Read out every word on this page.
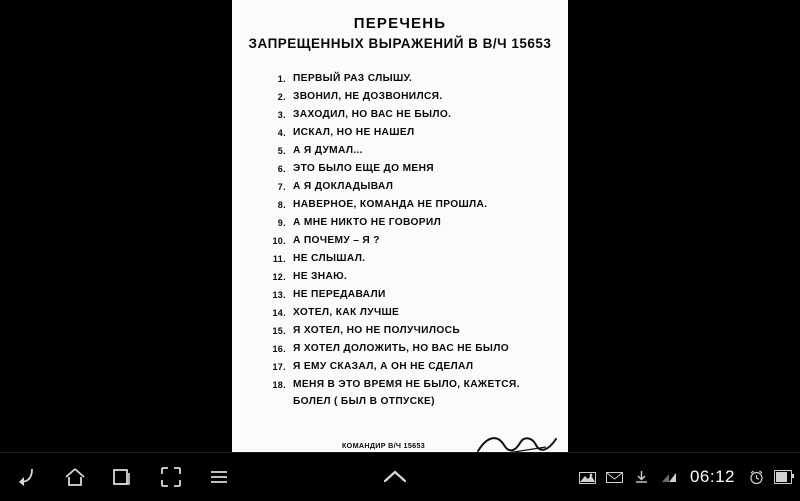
ПЕРЕЧЕНЬ
ЗАПРЕЩЕННЫХ ВЫРАЖЕНИЙ В В/Ч 15653
1. ПЕРВЫЙ РАЗ СЛЫШУ.
2. ЗВОНИЛ, НЕ ДОЗВОНИЛСЯ.
3. ЗАХОДИЛ, НО ВАС НЕ БЫЛО.
4. ИСКАЛ, НО НЕ НАШЕЛ
5. А Я ДУМАЛ...
6. ЭТО БЫЛО ЕЩЕ ДО МЕНЯ
7. А Я ДОКЛАДЫВАЛ
8. НАВЕРНОЕ, КОМАНДА НЕ ПРОШЛА.
9. А МНЕ НИКТО НЕ ГОВОРИЛ
10. А ПОЧЕМУ – Я ?
11. НЕ СЛЫШАЛ.
12. НЕ ЗНАЮ.
13. НЕ ПЕРЕДАВАЛИ
14. ХОТЕЛ, КАК ЛУЧШЕ
15. Я ХОТЕЛ, НО НЕ ПОЛУЧИЛОСЬ
16. Я ХОТЕЛ ДОЛОЖИТЬ, НО ВАС НЕ БЫЛО
17. Я ЕМУ СКАЗАЛ, А ОН НЕ СДЕЛАЛ
18. МЕНЯ В ЭТО ВРЕМЯ НЕ БЫЛО, КАЖЕТСЯ.
БОЛЕЛ ( БЫЛ В ОТПУСКЕ)
КОМАНДИР В/Ч 15653
06:12
